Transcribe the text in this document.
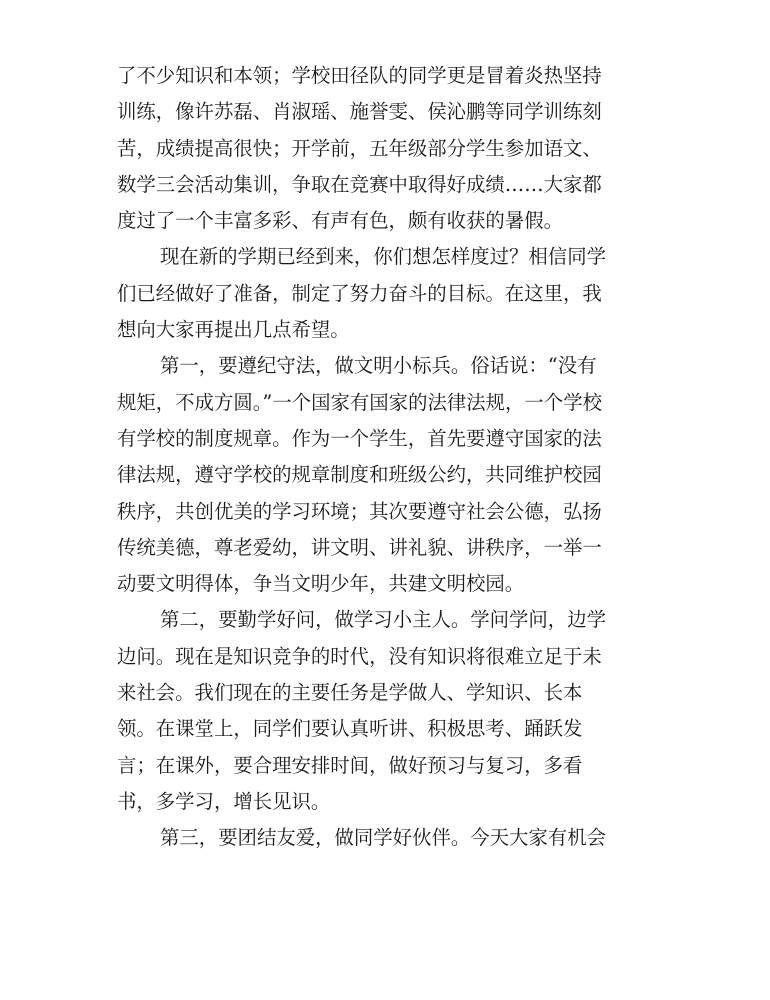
了不少知识和本领；学校田径队的同学更是冒着炎热坚持
训练，像许苏磊、肖淑瑶、施誉雯、侯沁鹏等同学训练刻
苦，成绩提高很快；开学前，五年级部分学生参加语文、
数学三会活动集训，争取在竞赛中取得好成绩……大家都
度过了一个丰富多彩、有声有色，颇有收获的暑假。
现在新的学期已经到来，你们想怎样度过？相信同学
们已经做好了准备，制定了努力奋斗的目标。在这里，我
想向大家再提出几点希望。
第一，要遵纪守法，做文明小标兵。俗话说：“没有
规矩，不成方圆。”一个国家有国家的法律法规，一个学校
有学校的制度规章。作为一个学生，首先要遵守国家的法
律法规，遵守学校的规章制度和班级公约，共同维护校园
秩序，共创优美的学习环境；其次要遵守社会公德，弘扬
传统美德，尊老爱幼，讲文明、讲礼貌、讲秩序，一举一
动要文明得体，争当文明少年，共建文明校园。
第二，要勤学好问，做学习小主人。学问学问，边学
边问。现在是知识竞争的时代，没有知识将很难立足于未
来社会。我们现在的主要任务是学做人、学知识、长本
领。在课堂上，同学们要认真听讲、积极思考、踊跃发
言；在课外，要合理安排时间，做好预习与复习，多看
书，多学习，增长见识。
第三，要团结友爱，做同学好伙伴。今天大家有机会
